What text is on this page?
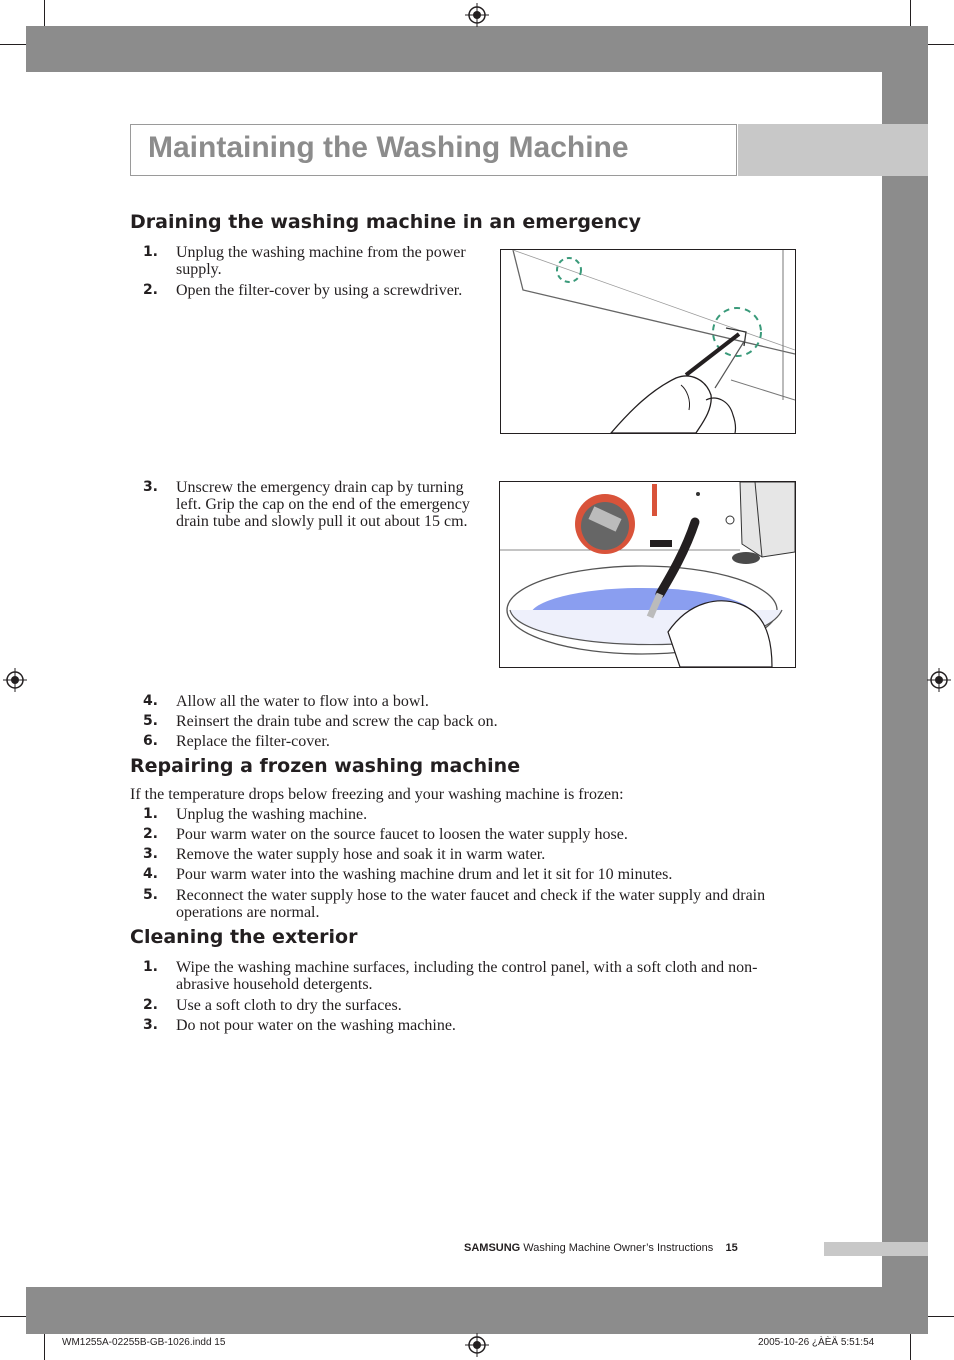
Maintaining the Washing Machine
Draining the washing machine in an emergency
1. Unplug the washing machine from the power supply.
2. Open the filter-cover by using a screwdriver.
3. Unscrew the emergency drain cap by turning left. Grip the cap on the end of the emergency drain tube and slowly pull it out about 15 cm.
4. Allow all the water to flow into a bowl.
5. Reinsert the drain tube and screw the cap back on.
6. Replace the filter-cover.
Repairing a frozen washing machine
If the temperature drops below freezing and your washing machine is frozen:
1. Unplug the washing machine.
2. Pour warm water on the source faucet to loosen the water supply hose.
3. Remove the water supply hose and soak it in warm water.
4. Pour warm water into the washing machine drum and let it sit for 10 minutes.
5. Reconnect the water supply hose to the water faucet and check if the water supply and drain operations are normal.
Cleaning the exterior
1. Wipe the washing machine surfaces, including the control panel, with a soft cloth and non-abrasive household detergents.
2. Use a soft cloth to dry the surfaces.
3. Do not pour water on the washing machine.
SAMSUNG Washing Machine Owner’s Instructions 15
WM1255A-02255B-GB-1026.indd 15	2005-10-26 ¿ÀÈÄ 5:51:54
